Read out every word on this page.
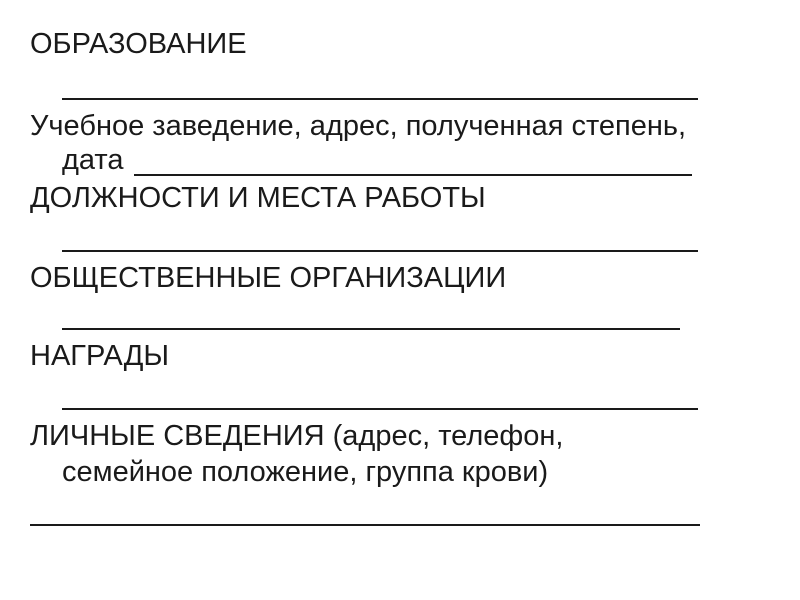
ОБРАЗОВАНИЕ
Учебное заведение, адрес, полученная степень,
дата
ДОЛЖНОСТИ И МЕСТА РАБОТЫ
ОБЩЕСТВЕННЫЕ ОРГАНИЗАЦИИ
НАГРАДЫ
ЛИЧНЫЕ СВЕДЕНИЯ (адрес, телефон,
семейное положение, группа крови)
